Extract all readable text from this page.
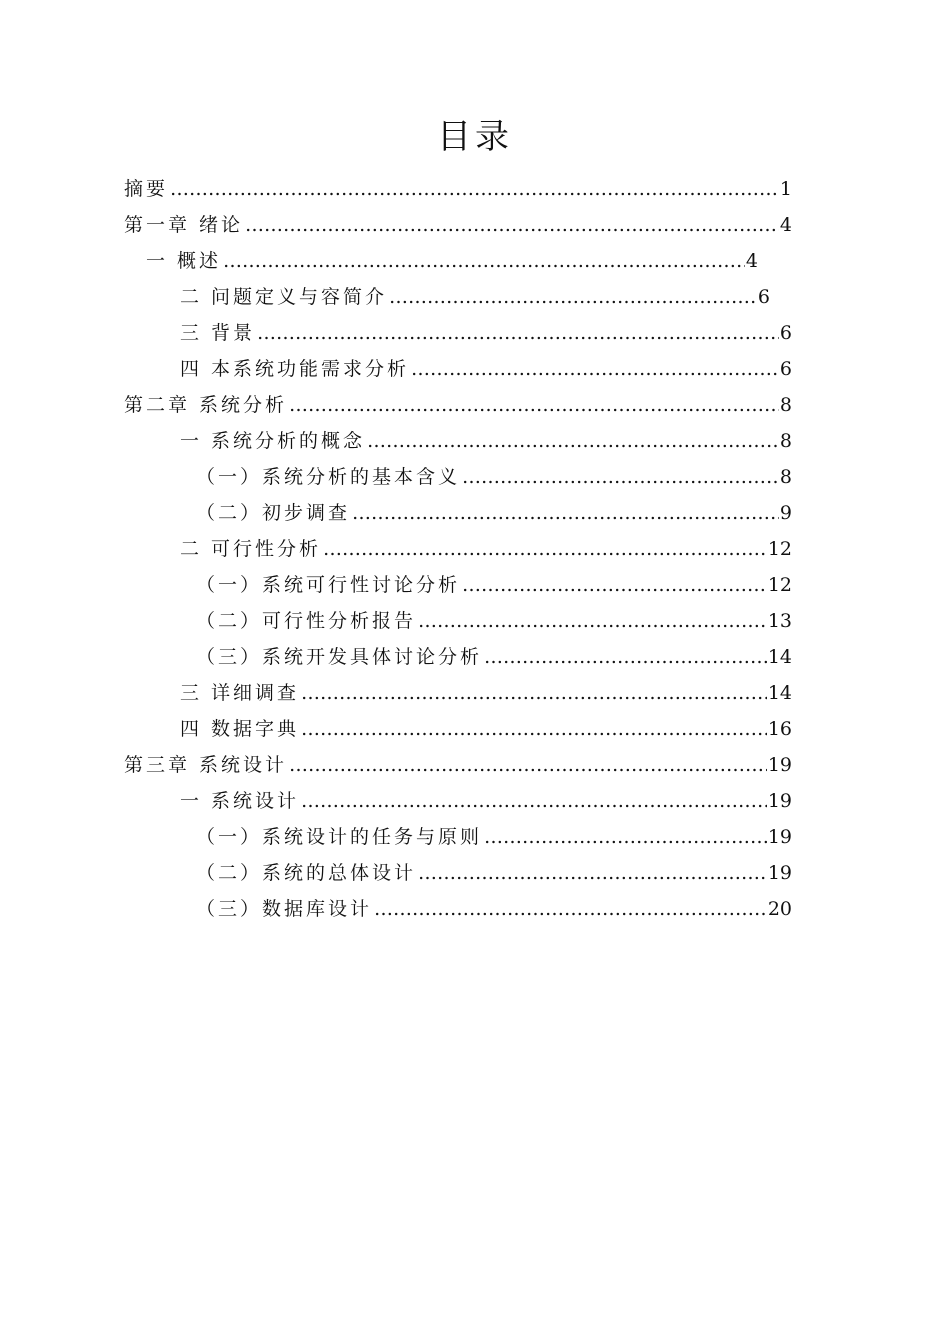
目录
摘要 ……………………………………………………………………………………………………………………………………………………………………………………………………………………	1
第一章 绪论 ……………………………………………………………………………………………………………………………………………………………………………………………………………………	4
一 概述 ……………………………………………………………………………………………………………………………………………………………………………………………………………………	4
二 问题定义与容简介 ……………………………………………………………………………………………………………………………………………………………………………………………………………………	6
三 背景 ……………………………………………………………………………………………………………………………………………………………………………………………………………………	6
四 本系统功能需求分析 ……………………………………………………………………………………………………………………………………………………………………………………………………………………	6
第二章 系统分析 ……………………………………………………………………………………………………………………………………………………………………………………………………………………	8
一 系统分析的概念 ……………………………………………………………………………………………………………………………………………………………………………………………………………………	8
（一）系统分析的基本含义 ……………………………………………………………………………………………………………………………………………………………………………………………………………………	8
（二）初步调查 ……………………………………………………………………………………………………………………………………………………………………………………………………………………	9
二 可行性分析 ……………………………………………………………………………………………………………………………………………………………………………………………………………………	12
（一）系统可行性讨论分析 ……………………………………………………………………………………………………………………………………………………………………………………………………………………	12
（二）可行性分析报告 ……………………………………………………………………………………………………………………………………………………………………………………………………………………	13
（三）系统开发具体讨论分析 ……………………………………………………………………………………………………………………………………………………………………………………………………………………	14
三 详细调查 ……………………………………………………………………………………………………………………………………………………………………………………………………………………	14
四 数据字典 ……………………………………………………………………………………………………………………………………………………………………………………………………………………	16
第三章 系统设计 ……………………………………………………………………………………………………………………………………………………………………………………………………………………	19
一 系统设计 ……………………………………………………………………………………………………………………………………………………………………………………………………………………	19
（一）系统设计的任务与原则 ……………………………………………………………………………………………………………………………………………………………………………………………………………………	19
（二）系统的总体设计 ……………………………………………………………………………………………………………………………………………………………………………………………………………………	19
（三）数据库设计 ……………………………………………………………………………………………………………………………………………………………………………………………………………………	20
